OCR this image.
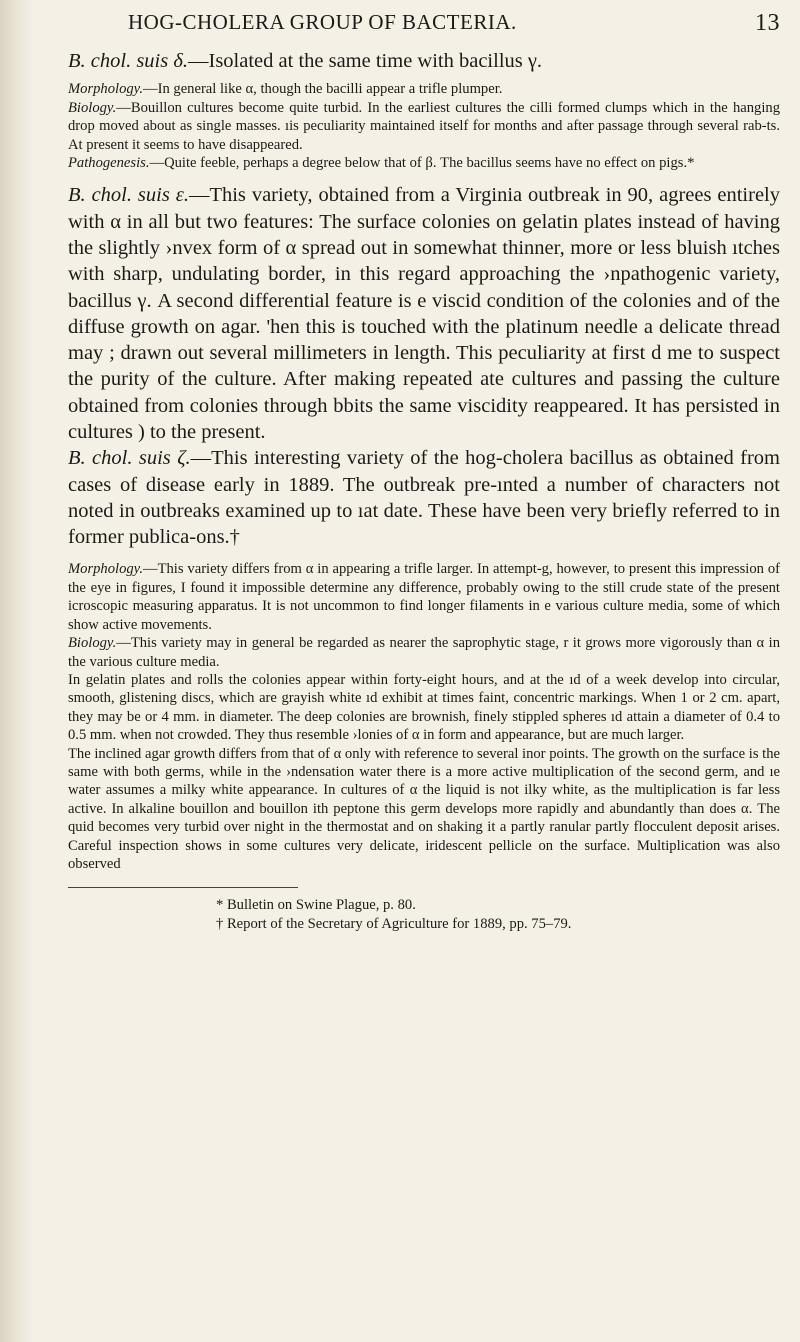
HOG-CHOLERA GROUP OF BACTERIA.	13

B. chol. suis δ.—Isolated at the same time with bacillus γ.

Morphology.—In general like α, though the bacilli appear a trifle plumper.

Biology.—Bouillon cultures become quite turbid. In the earliest cultures the cilli formed clumps which in the hanging drop moved about as single masses. ıis peculiarity maintained itself for months and after passage through several rab-ts. At present it seems to have disappeared.

Pathogenesis.—Quite feeble, perhaps a degree below that of β. The bacillus seems have no effect on pigs.*

B. chol. suis ε.—This variety, obtained from a Virginia outbreak in 90, agrees entirely with α in all but two features: The surface colonies on gelatin plates instead of having the slightly ›nvex form of α spread out in somewhat thinner, more or less bluish ıtches with sharp, undulating border, in this regard approaching the ›npathogenic variety, bacillus γ. A second differential feature is e viscid condition of the colonies and of the diffuse growth on agar. 'hen this is touched with the platinum needle a delicate thread may ; drawn out several millimeters in length. This peculiarity at first d me to suspect the purity of the culture. After making repeated ate cultures and passing the culture obtained from colonies through bbits the same viscidity reappeared. It has persisted in cultures ) to the present.

B. chol. suis ζ.—This interesting variety of the hog-cholera bacillus as obtained from cases of disease early in 1889. The outbreak pre-ınted a number of characters not noted in outbreaks examined up to ıat date. These have been very briefly referred to in former publica-ons.†

Morphology.—This variety differs from α in appearing a trifle larger. In attempt-g, however, to present this impression of the eye in figures, I found it impossible determine any difference, probably owing to the still crude state of the present icroscopic measuring apparatus. It is not uncommon to find longer filaments in e various culture media, some of which show active movements.

Biology.—This variety may in general be regarded as nearer the saprophytic stage, r it grows more vigorously than α in the various culture media.

In gelatin plates and rolls the colonies appear within forty-eight hours, and at the ıd of a week develop into circular, smooth, glistening discs, which are grayish white ıd exhibit at times faint, concentric markings. When 1 or 2 cm. apart, they may be or 4 mm. in diameter. The deep colonies are brownish, finely stippled spheres ıd attain a diameter of 0.4 to 0.5 mm. when not crowded. They thus resemble ›lonies of α in form and appearance, but are much larger.

The inclined agar growth differs from that of α only with reference to several inor points. The growth on the surface is the same with both germs, while in the ›ndensation water there is a more active multiplication of the second germ, and ıe water assumes a milky white appearance. In cultures of α the liquid is not ilky white, as the multiplication is far less active. In alkaline bouillon and bouillon ith peptone this germ develops more rapidly and abundantly than does α. The quid becomes very turbid over night in the thermostat and on shaking it a partly ranular partly flocculent deposit arises. Careful inspection shows in some cultures very delicate, iridescent pellicle on the surface. Multiplication was also observed

* Bulletin on Swine Plague, p. 80.
† Report of the Secretary of Agriculture for 1889, pp. 75–79.
